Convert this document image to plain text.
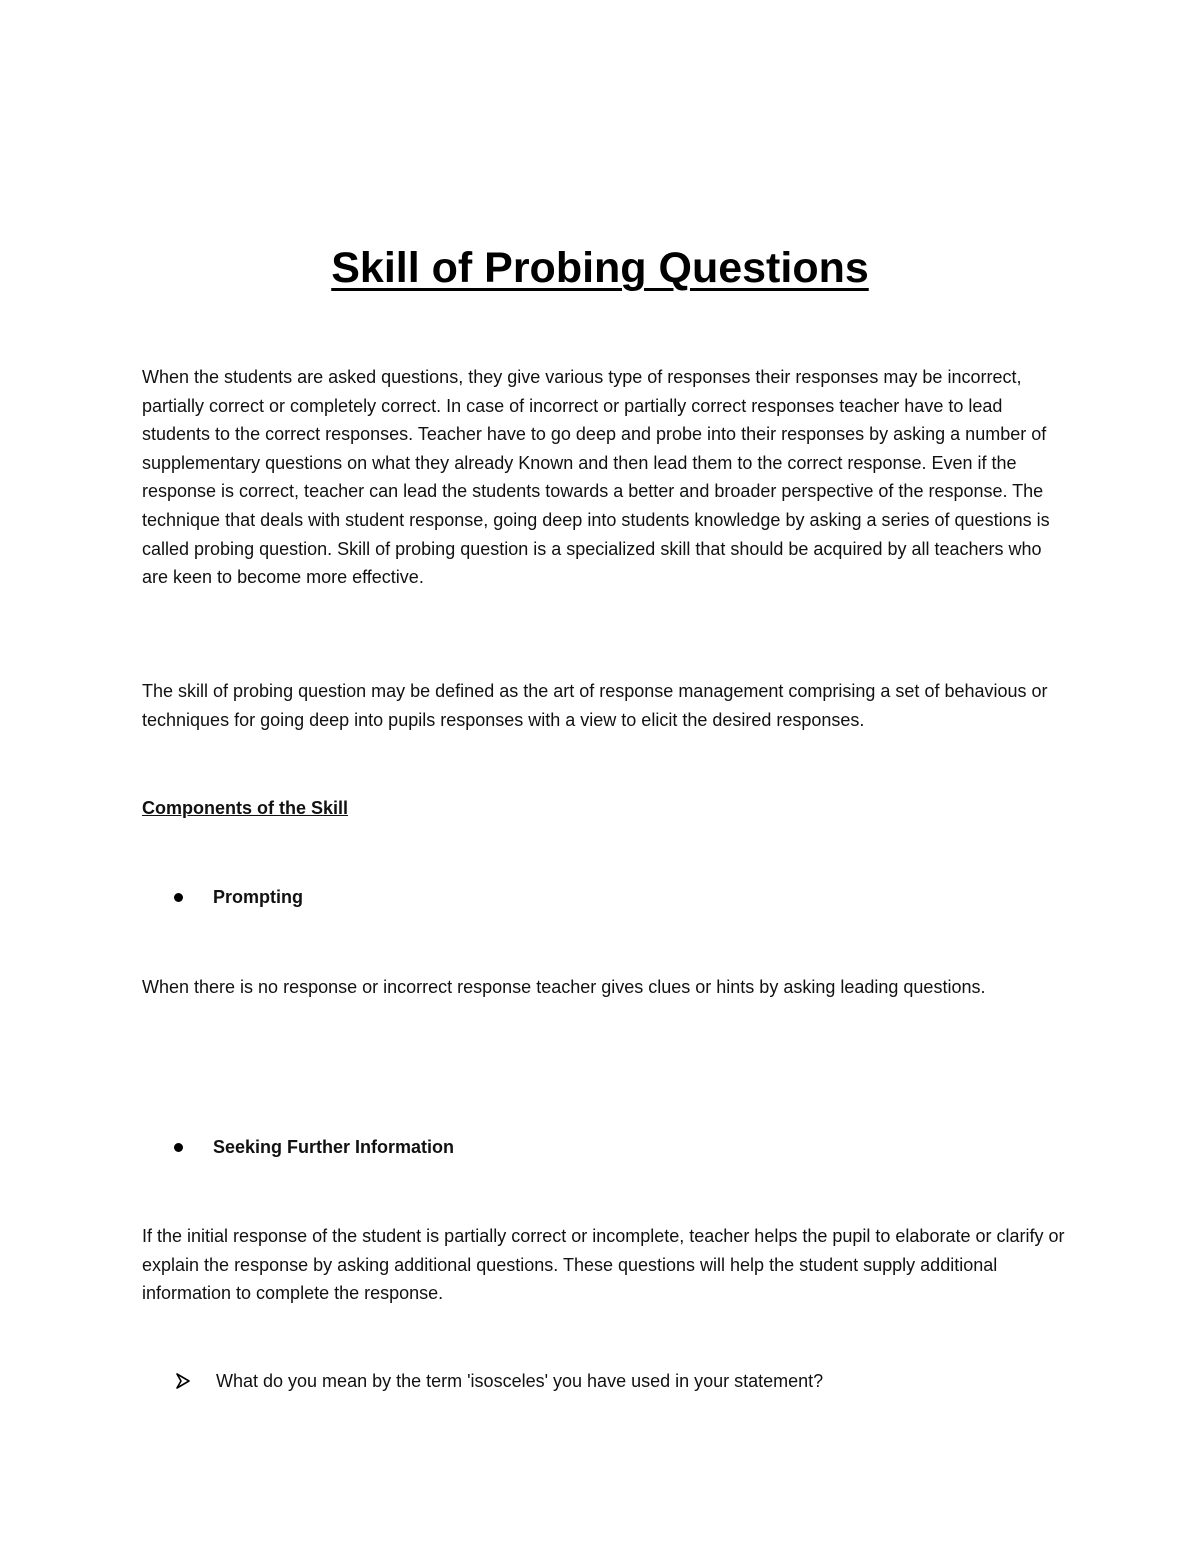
Skill of Probing Questions

When the students are asked questions, they give various type of responses their responses may be incorrect, partially correct or completely correct. In case of incorrect or partially correct responses teacher have to lead students to the correct responses. Teacher have to go deep and probe into their responses by asking a number of supplementary questions on what they already Known and then lead them to the correct response. Even if the response is correct, teacher can lead the students towards a better and broader perspective of the response. The technique that deals with student response, going deep into students knowledge by asking a series of questions is called probing question. Skill of probing question is a specialized skill that should be acquired by all teachers who are keen to become more effective.

The skill of probing question may be defined as the art of response management comprising a set of behavious or techniques for going deep into pupils responses with a view to elicit the desired responses.

Components of the Skill
Prompting

When there is no response or incorrect response teacher gives clues or hints by asking leading questions.

Seeking Further Information

If the initial response of the student is partially correct or incomplete, teacher helps the pupil to elaborate or clarify or explain the response by asking additional questions. These questions will help the student supply additional information to complete the response.

What do you mean by the term 'isosceles' you have used in your statement?
